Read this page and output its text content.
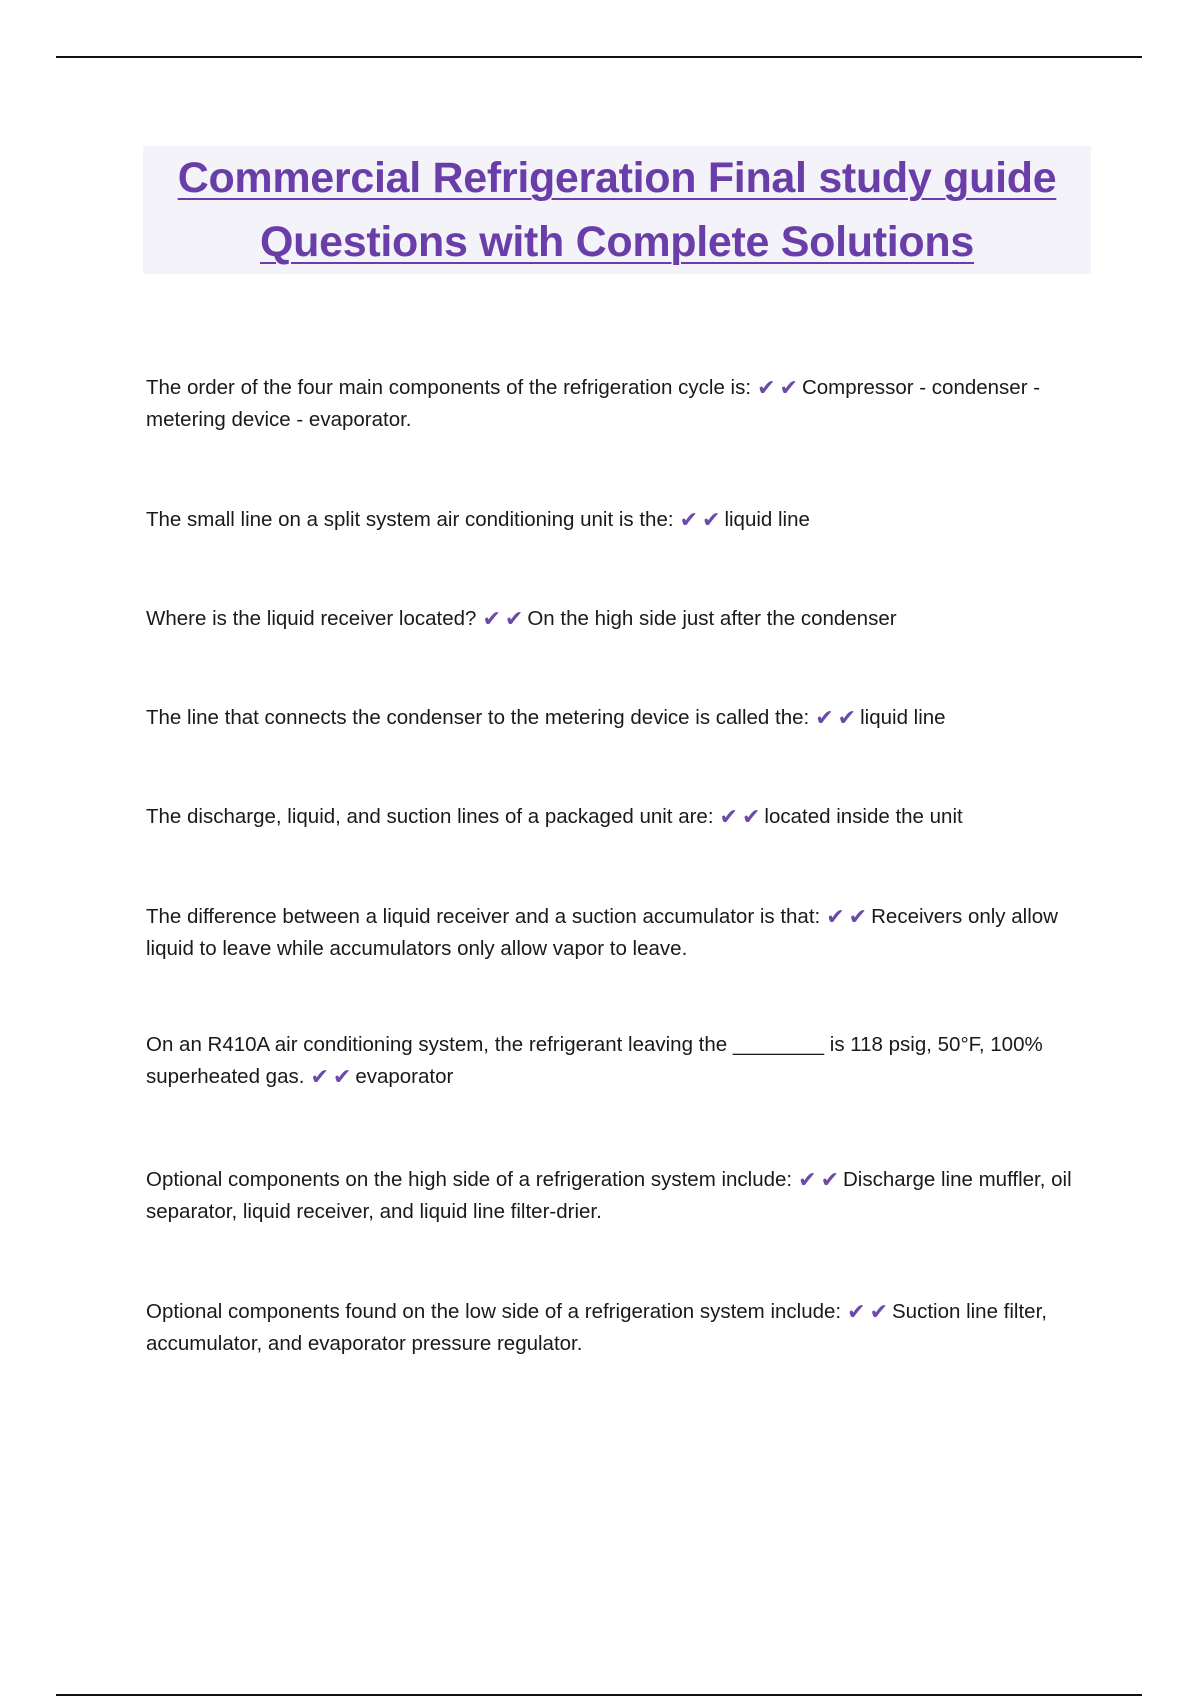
Commercial Refrigeration Final study guide
Questions with Complete Solutions
The order of the four main components of the refrigeration cycle is: ✔ ✔ Compressor - condenser - metering device - evaporator.
The small line on a split system air conditioning unit is the: ✔ ✔ liquid line
Where is the liquid receiver located? ✔ ✔ On the high side just after the condenser
The line that connects the condenser to the metering device is called the: ✔ ✔ liquid line
The discharge, liquid, and suction lines of a packaged unit are: ✔ ✔ located inside the unit
The difference between a liquid receiver and a suction accumulator is that: ✔ ✔ Receivers only allow liquid to leave while accumulators only allow vapor to leave.
On an R410A air conditioning system, the refrigerant leaving the ________ is 118 psig, 50°F, 100% superheated gas. ✔ ✔ evaporator
Optional components on the high side of a refrigeration system include: ✔ ✔ Discharge line muffler, oil separator, liquid receiver, and liquid line filter-drier.
Optional components found on the low side of a refrigeration system include: ✔ ✔ Suction line filter, accumulator, and evaporator pressure regulator.
